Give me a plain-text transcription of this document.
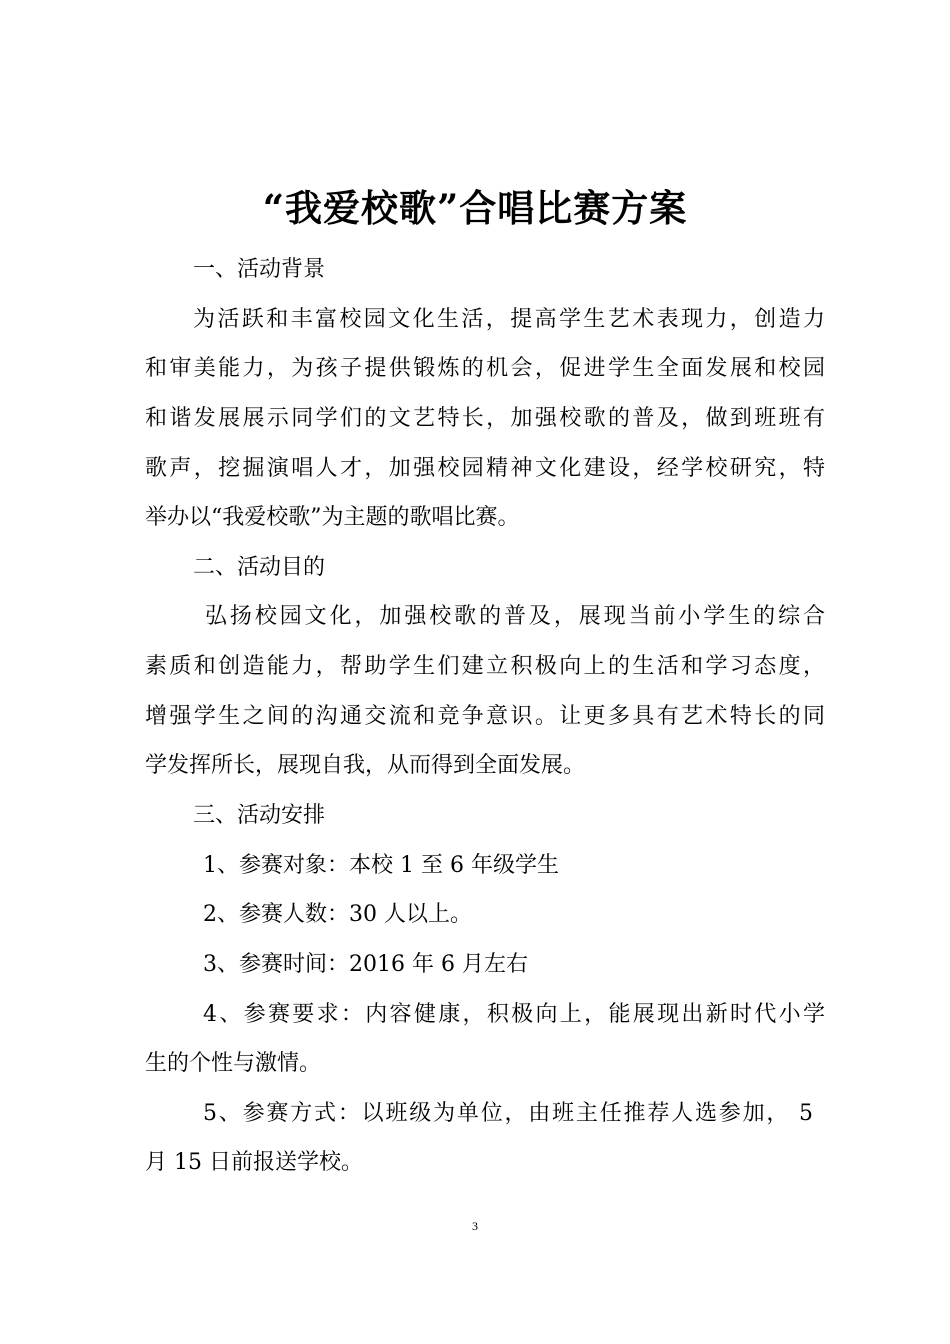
“我爱校歌”合唱比赛方案
一、活动背景
为活跃和丰富校园文化生活，提高学生艺术表现力，创造力
和审美能力，为孩子提供锻炼的机会，促进学生全面发展和校园
和谐发展展示同学们的文艺特长，加强校歌的普及，做到班班有
歌声，挖掘演唱人才，加强校园精神文化建设，经学校研究，特
举办以“我爱校歌”为主题的歌唱比赛。
二、活动目的
弘扬校园文化，加强校歌的普及，展现当前小学生的综合
素质和创造能力，帮助学生们建立积极向上的生活和学习态度，
增强学生之间的沟通交流和竞争意识。让更多具有艺术特长的同
学发挥所长，展现自我，从而得到全面发展。
三、活动安排
1、参赛对象：本校 1 至 6 年级学生
2、参赛人数：30 人以上。
3、参赛时间：2016 年 6 月左右
4、参赛要求：内容健康，积极向上，能展现出新时代小学
生的个性与激情。
5、参赛方式：以班级为单位，由班主任推荐人选参加， 5
月 15 日前报送学校。
3
